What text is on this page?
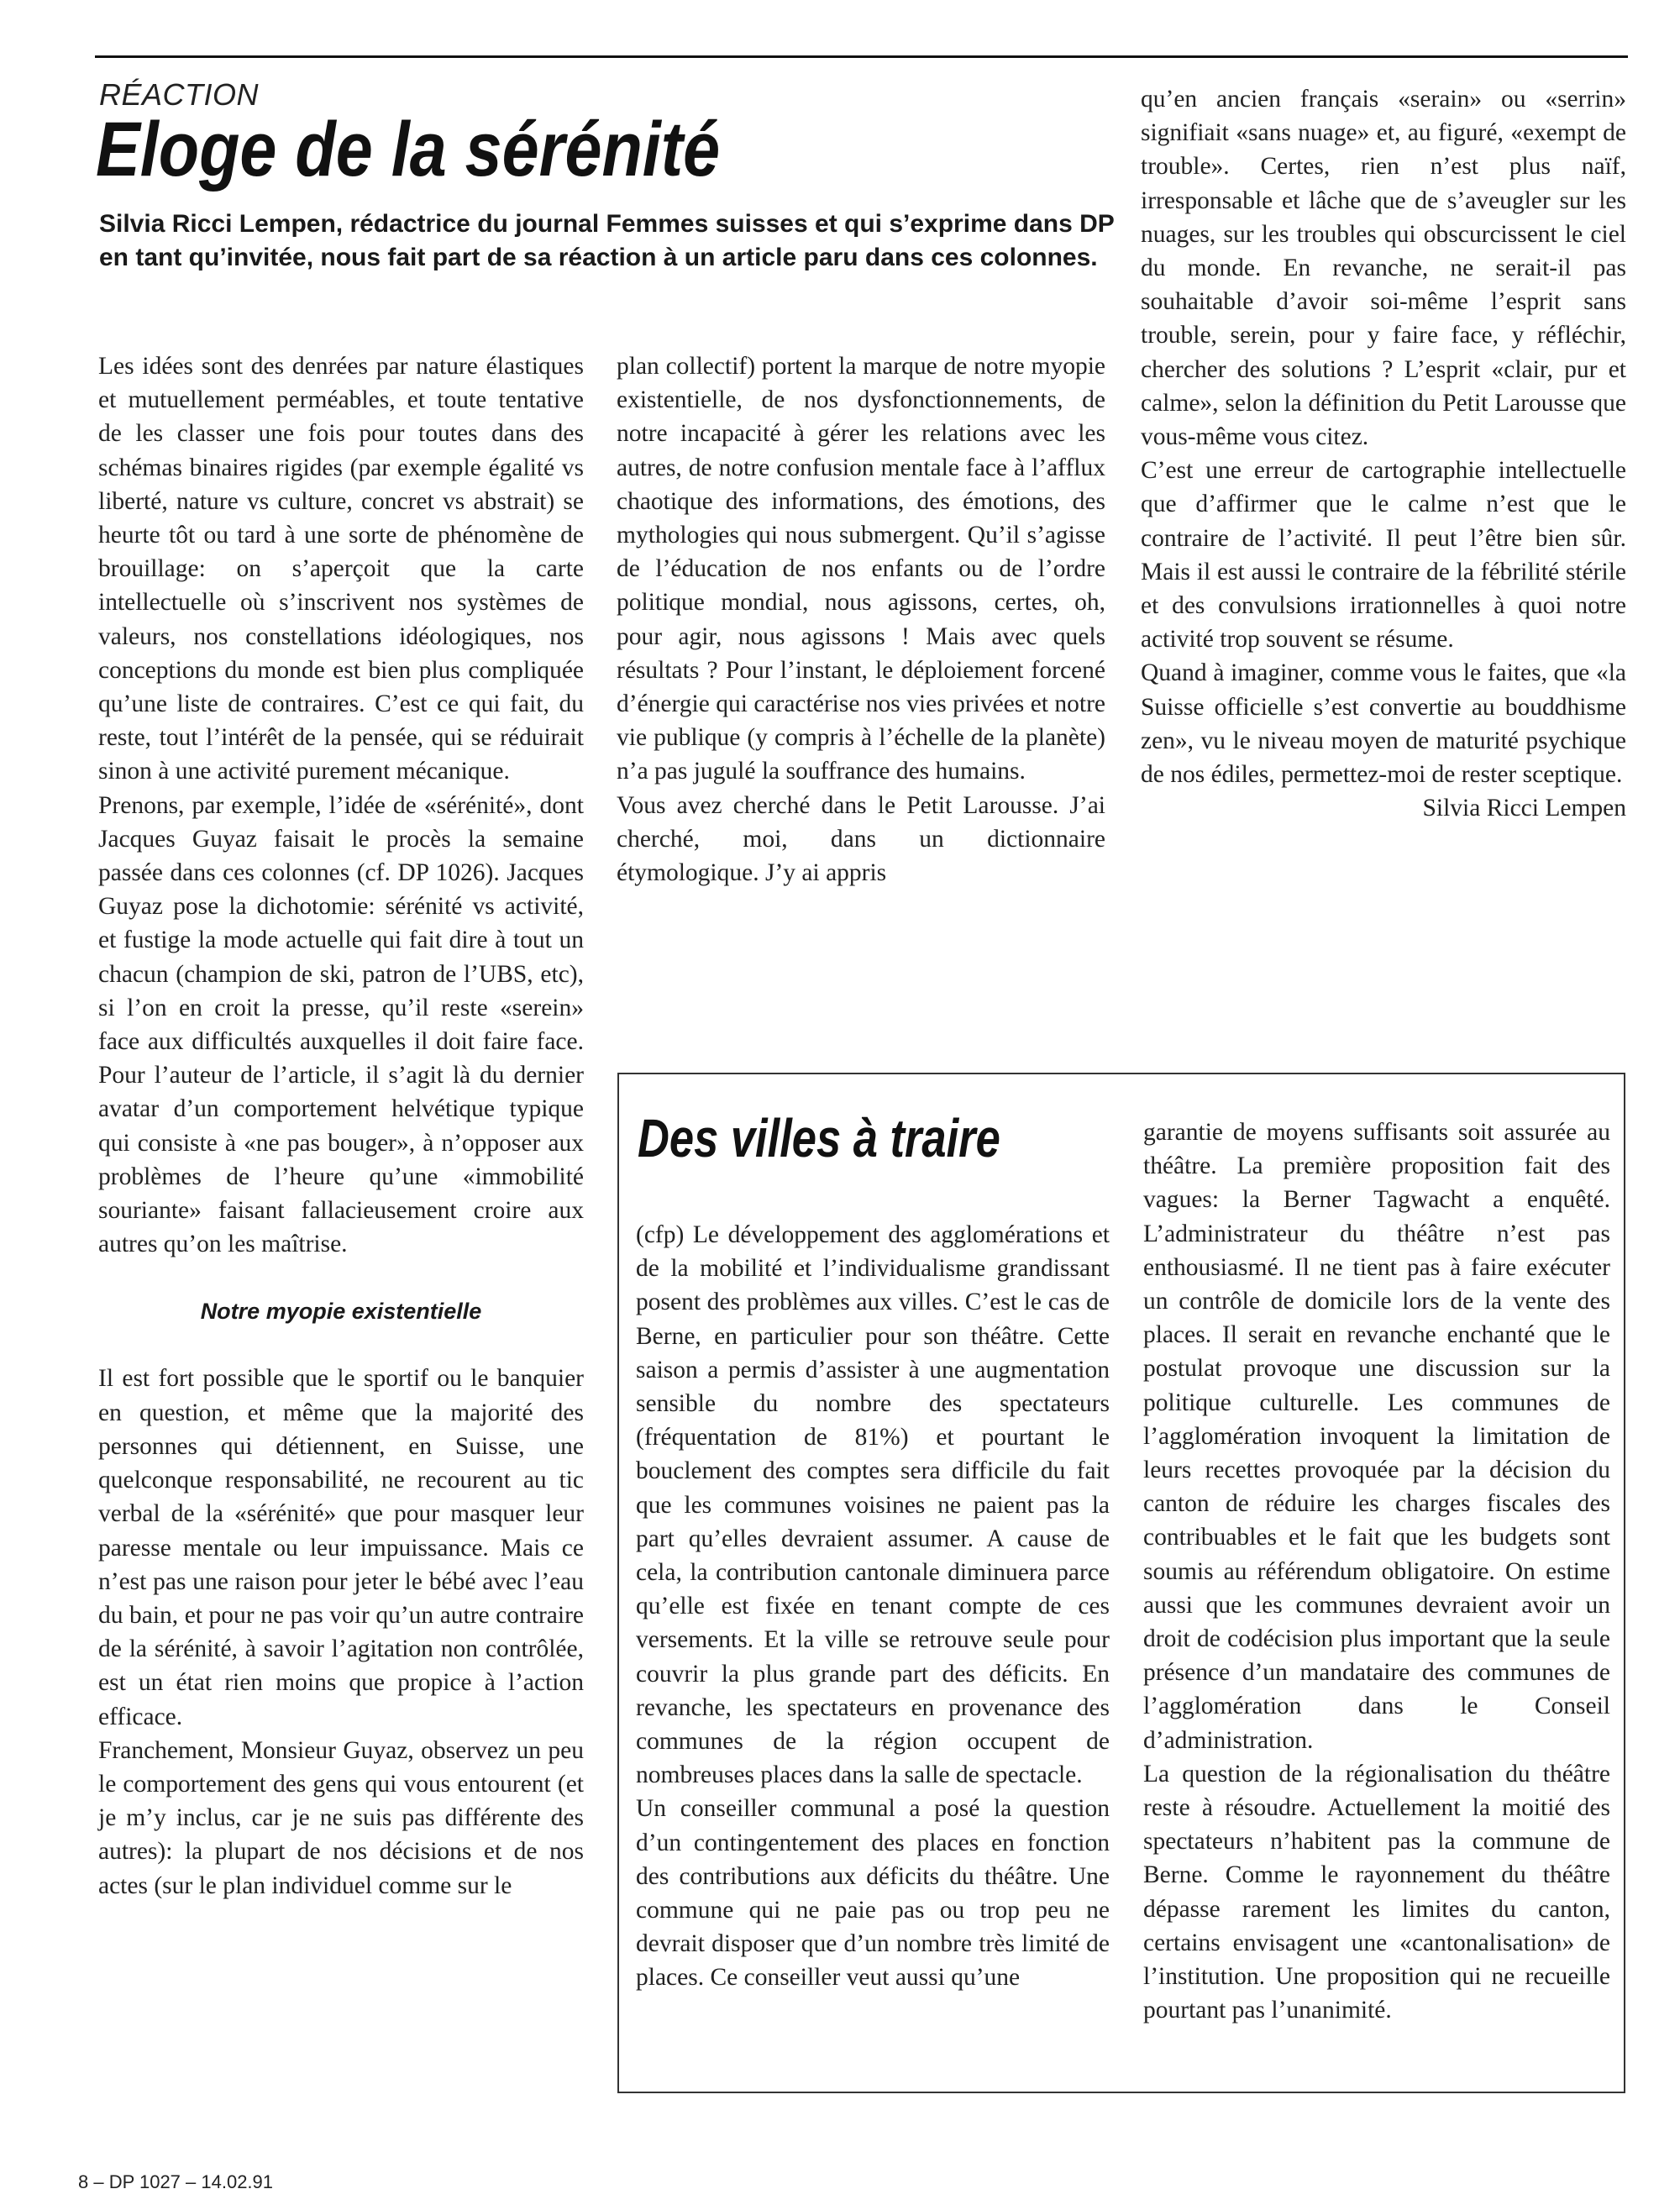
RÉACTION
Eloge de la sérénité

Silvia Ricci Lempen, rédactrice du journal Femmes suisses et qui s’exprime dans DP en tant qu’invitée, nous fait part de sa réaction à un article paru dans ces colonnes.

Les idées sont des denrées par nature élastiques et mutuellement perméables, et toute tentative de les classer une fois pour toutes dans des schémas binaires rigides (par exemple égalité vs liberté, nature vs culture, concret vs abstrait) se heurte tôt ou tard à une sorte de phénomène de brouillage: on s’aperçoit que la carte intellectuelle où s’inscrivent nos systèmes de valeurs, nos constellations idéologiques, nos conceptions du monde est bien plus compliquée qu’une liste de contraires. C’est ce qui fait, du reste, tout l’intérêt de la pensée, qui se réduirait sinon à une activité purement mécanique.

Prenons, par exemple, l’idée de «sérénité», dont Jacques Guyaz faisait le procès la semaine passée dans ces colonnes (cf. DP 1026). Jacques Guyaz pose la dichotomie: sérénité vs activité, et fustige la mode actuelle qui fait dire à tout un chacun (champion de ski, patron de l’UBS, etc), si l’on en croit la presse, qu’il reste «serein» face aux difficultés auxquelles il doit faire face. Pour l’auteur de l’article, il s’agit là du dernier avatar d’un comportement helvétique typique qui consiste à «ne pas bouger», à n’opposer aux problèmes de l’heure qu’une «immobilité souriante» faisant fallacieusement croire aux autres qu’on les maîtrise.

Notre myopie existentielle

Il est fort possible que le sportif ou le banquier en question, et même que la majorité des personnes qui détiennent, en Suisse, une quelconque responsabilité, ne recourent au tic verbal de la «sérénité» que pour masquer leur paresse mentale ou leur impuissance. Mais ce n’est pas une raison pour jeter le bébé avec l’eau du bain, et pour ne pas voir qu’un autre contraire de la sérénité, à savoir l’agitation non contrôlée, est un état rien moins que propice à l’action efficace.

Franchement, Monsieur Guyaz, observez un peu le comportement des gens qui vous entourent (et je m’y inclus, car je ne suis pas différente des autres): la plupart de nos décisions et de nos actes (sur le plan individuel comme sur le

plan collectif) portent la marque de notre myopie existentielle, de nos dysfonctionnements, de notre incapacité à gérer les relations avec les autres, de notre confusion mentale face à l’afflux chaotique des informations, des émotions, des mythologies qui nous submergent. Qu’il s’agisse de l’éducation de nos enfants ou de l’ordre politique mondial, nous agissons, certes, oh, pour agir, nous agissons ! Mais avec quels résultats ? Pour l’instant, le déploiement forcené d’énergie qui caractérise nos vies privées et notre vie publique (y compris à l’échelle de la planète) n’a pas jugulé la souffrance des humains.

Vous avez cherché dans le Petit Larousse. J’ai cherché, moi, dans un dictionnaire étymologique. J’y ai appris

qu’en ancien français «serain» ou «serrin» signifiait «sans nuage» et, au figuré, «exempt de trouble». Certes, rien n’est plus naïf, irresponsable et lâche que de s’aveugler sur les nuages, sur les troubles qui obscurcissent le ciel du monde. En revanche, ne serait-il pas souhaitable d’avoir soi-même l’esprit sans trouble, serein, pour y faire face, y réfléchir, chercher des solutions ? L’esprit «clair, pur et calme», selon la définition du Petit Larousse que vous-même vous citez.

C’est une erreur de cartographie intellectuelle que d’affirmer que le calme n’est que le contraire de l’activité. Il peut l’être bien sûr. Mais il est aussi le contraire de la fébrilité stérile et des convulsions irrationnelles à quoi notre activité trop souvent se résume.

Quand à imaginer, comme vous le faites, que «la Suisse officielle s’est convertie au bouddhisme zen», vu le niveau moyen de maturité psychique de nos édiles, permettez-moi de rester sceptique.

Silvia Ricci Lempen

Des villes à traire

(cfp) Le développement des agglomérations et de la mobilité et l’individualisme grandissant posent des problèmes aux villes. C’est le cas de Berne, en particulier pour son théâtre. Cette saison a permis d’assister à une augmentation sensible du nombre des spectateurs (fréquentation de 81%) et pourtant le bouclement des comptes sera difficile du fait que les communes voisines ne paient pas la part qu’elles devraient assumer. A cause de cela, la contribution cantonale diminuera parce qu’elle est fixée en tenant compte de ces versements. Et la ville se retrouve seule pour couvrir la plus grande part des déficits. En revanche, les spectateurs en provenance des communes de la région occupent de nombreuses places dans la salle de spectacle.

Un conseiller communal a posé la question d’un contingentement des places en fonction des contributions aux déficits du théâtre. Une commune qui ne paie pas ou trop peu ne devrait disposer que d’un nombre très limité de places. Ce conseiller veut aussi qu’une

garantie de moyens suffisants soit assurée au théâtre. La première proposition fait des vagues: la Berner Tagwacht a enquêté. L’administrateur du théâtre n’est pas enthousiasmé. Il ne tient pas à faire exécuter un contrôle de domicile lors de la vente des places. Il serait en revanche enchanté que le postulat provoque une discussion sur la politique culturelle. Les communes de l’agglomération invoquent la limitation de leurs recettes provoquée par la décision du canton de réduire les charges fiscales des contribuables et le fait que les budgets sont soumis au référendum obligatoire. On estime aussi que les communes devraient avoir un droit de codécision plus important que la seule présence d’un mandataire des communes de l’agglomération dans le Conseil d’administration.

La question de la régionalisation du théâtre reste à résoudre. Actuellement la moitié des spectateurs n’habitent pas la commune de Berne. Comme le rayonnement du théâtre dépasse rarement les limites du canton, certains envisagent une «cantonalisation» de l’institution. Une proposition qui ne recueille pourtant pas l’unanimité.

8 – DP 1027 – 14.02.91
